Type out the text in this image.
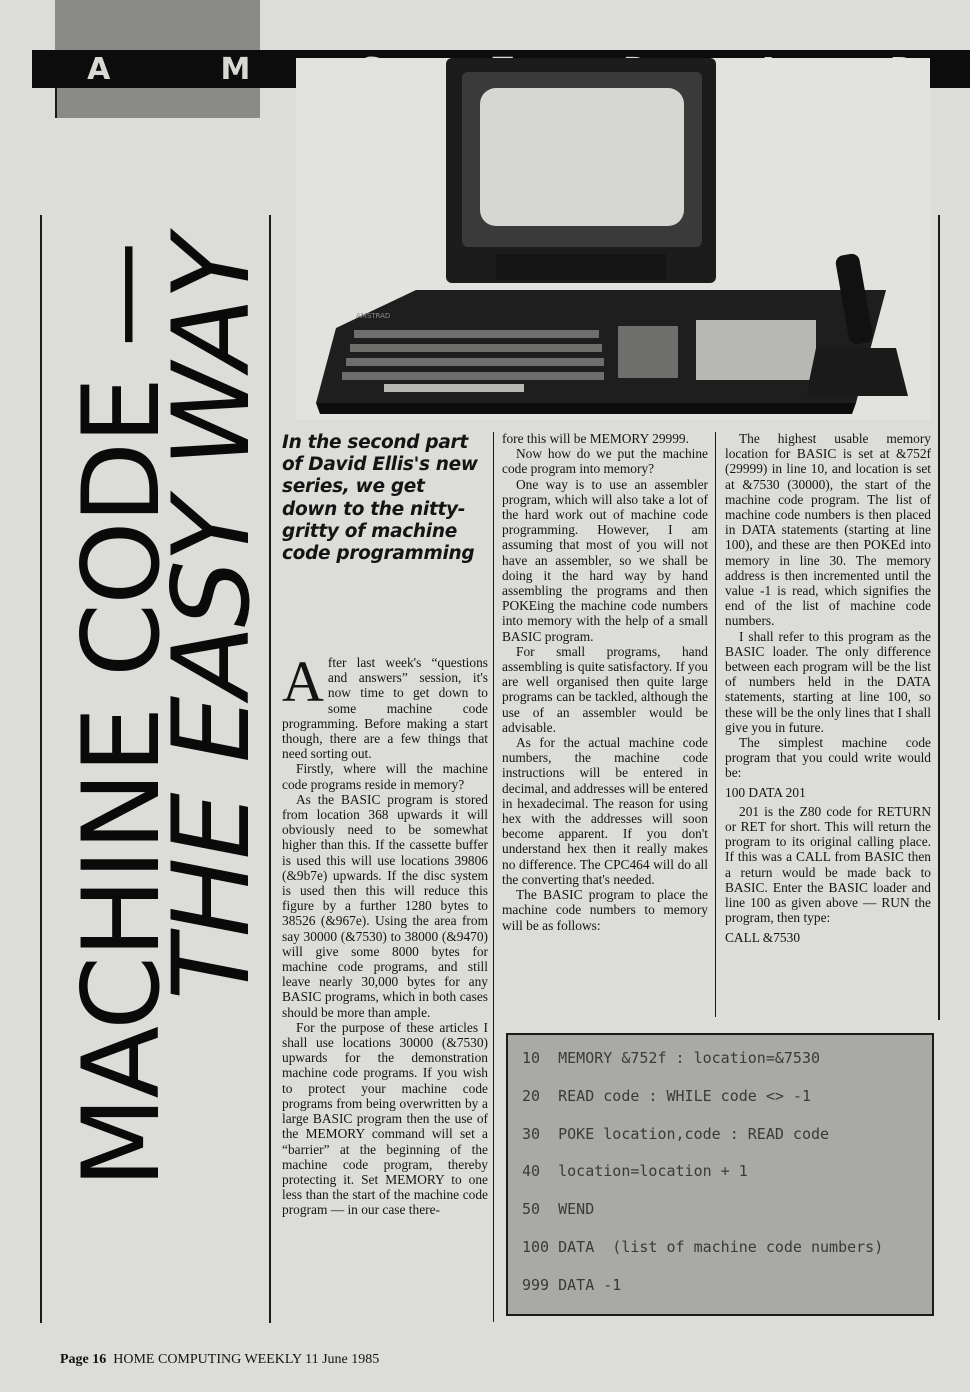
A	M
MACHINE CODE —
THE EASY WAY	AMSTRAD
In the second part of David Ellis's new series, we get down to the nitty-gritty of machine code programming

After last week's “questions and answers” session, it's now time to get down to some machine code programming. Before making a start though, there are a few things that need sorting out.

Firstly, where will the machine code programs reside in memory?

As the BASIC program is stored from location 368 upwards it will obviously need to be somewhat higher than this. If the cassette buffer is used this will use locations 39806 (&9b7e) upwards. If the disc system is used then this will reduce this figure by a further 1280 bytes to 38526 (&967e). Using the area from say 30000 (&7530) to 38000 (&9470) will give some 8000 bytes for machine code programs, and still leave nearly 30,000 bytes for any BASIC programs, which in both cases should be more than ample.

For the purpose of these articles I shall use locations 30000 (&7530) upwards for the demonstration machine code programs. If you wish to protect your machine code programs from being overwritten by a large BASIC program then the use of the MEMORY command will set a “barrier” at the beginning of the machine code program, thereby protecting it. Set MEMORY to one less than the start of the machine code program — in our case there-

fore this will be MEMORY 29999.

Now how do we put the machine code program into memory?

One way is to use an assembler program, which will also take a lot of the hard work out of machine code programming. However, I am assuming that most of you will not have an assembler, so we shall be doing it the hard way by hand assembling the programs and then POKEing the machine code numbers into memory with the help of a small BASIC program.

For small programs, hand assembling is quite satisfactory. If you are well organised then quite large programs can be tackled, although the use of an assembler would be advisable.

As for the actual machine code numbers, the machine code instructions will be entered in decimal, and addresses will be entered in hexadecimal. The reason for using hex with the addresses will soon become apparent. If you don't understand hex then it really makes no difference. The CPC464 will do all the converting that's needed.

The BASIC program to place the machine code numbers to memory will be as follows:

The highest usable memory location for BASIC is set at &752f (29999) in line 10, and location is set at &7530 (30000), the start of the machine code program. The list of machine code numbers is then placed in DATA statements (starting at line 100), and these are then POKEd into memory in line 30. The memory address is then incremented until the value -1 is read, which signifies the end of the list of machine code numbers.

I shall refer to this program as the BASIC loader. The only difference between each program will be the list of numbers held in the DATA statements, starting at line 100, so these will be the only lines that I shall give you in future.

The simplest machine code program that you could write would be:

100 DATA 201

201 is the Z80 code for RETURN or RET for short. This will return the program to its original calling place. If this was a CALL from BASIC then a return would be made back to BASIC. Enter the BASIC loader and line 100 as given above — RUN the program, then type:

CALL &7530

10  MEMORY &752f : location=&7530
20  READ code : WHILE code <> -1
30  POKE location,code : READ code
40  location=location + 1
50  WEND
100 DATA  (list of machine code numbers)
999 DATA -1
Page 16 HOME COMPUTING WEEKLY 11 June 1985
